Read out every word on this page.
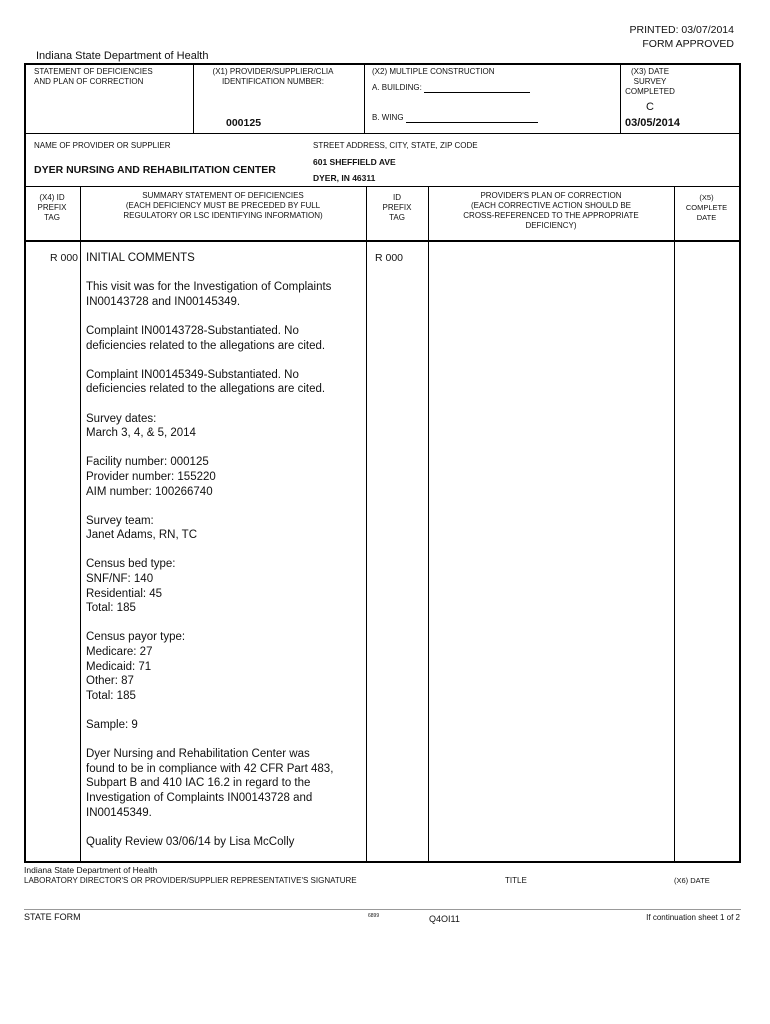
PRINTED: 03/07/2014
FORM APPROVED
Indiana State Department of Health
STATEMENT OF DEFICIENCIES
AND PLAN OF CORRECTION
(X1) PROVIDER/SUPPLIER/CLIA
IDENTIFICATION NUMBER:
000125
(X2) MULTIPLE CONSTRUCTION
A. BUILDING:
B. WING
(X3) DATE SURVEY
COMPLETED
C
03/05/2014
NAME OF PROVIDER OR SUPPLIER	STREET ADDRESS, CITY, STATE, ZIP CODE
DYER NURSING AND REHABILITATION CENTER
601 SHEFFIELD AVE
DYER, IN 46311
(X4) ID
PREFIX
TAG
SUMMARY STATEMENT OF DEFICIENCIES
(EACH DEFICIENCY MUST BE PRECEDED BY FULL
REGULATORY OR LSC IDENTIFYING INFORMATION)
ID
PREFIX
TAG
PROVIDER'S PLAN OF CORRECTION
(EACH CORRECTIVE ACTION SHOULD BE
CROSS-REFERENCED TO THE APPROPRIATE
DEFICIENCY)
(X5)
COMPLETE
DATE
R 000	R 000
INITIAL COMMENTS
This visit was for the Investigation of Complaints
IN00143728 and IN00145349.
Complaint IN00143728-Substantiated. No
deficiencies related to the allegations are cited.
Complaint IN00145349-Substantiated. No
deficiencies related to the allegations are cited.
Survey dates:
March 3, 4, & 5, 2014
Facility number: 000125
Provider number: 155220
AIM number: 100266740
Survey team:
Janet Adams, RN, TC
Census bed type:
SNF/NF: 140
Residential: 45
Total: 185
Census payor type:
Medicare: 27
Medicaid: 71
Other: 87
Total: 185
Sample: 9
Dyer Nursing and Rehabilitation Center was
found to be in compliance with 42 CFR Part 483,
Subpart B and 410 IAC 16.2 in regard to the
Investigation of Complaints IN00143728 and
IN00145349.
Quality Review 03/06/14 by Lisa McColly
Indiana State Department of Health
LABORATORY DIRECTOR'S OR PROVIDER/SUPPLIER REPRESENTATIVE'S SIGNATURE	TITLE	(X6) DATE
STATE FORM	6899	Q4OI11	If continuation sheet 1 of 2
